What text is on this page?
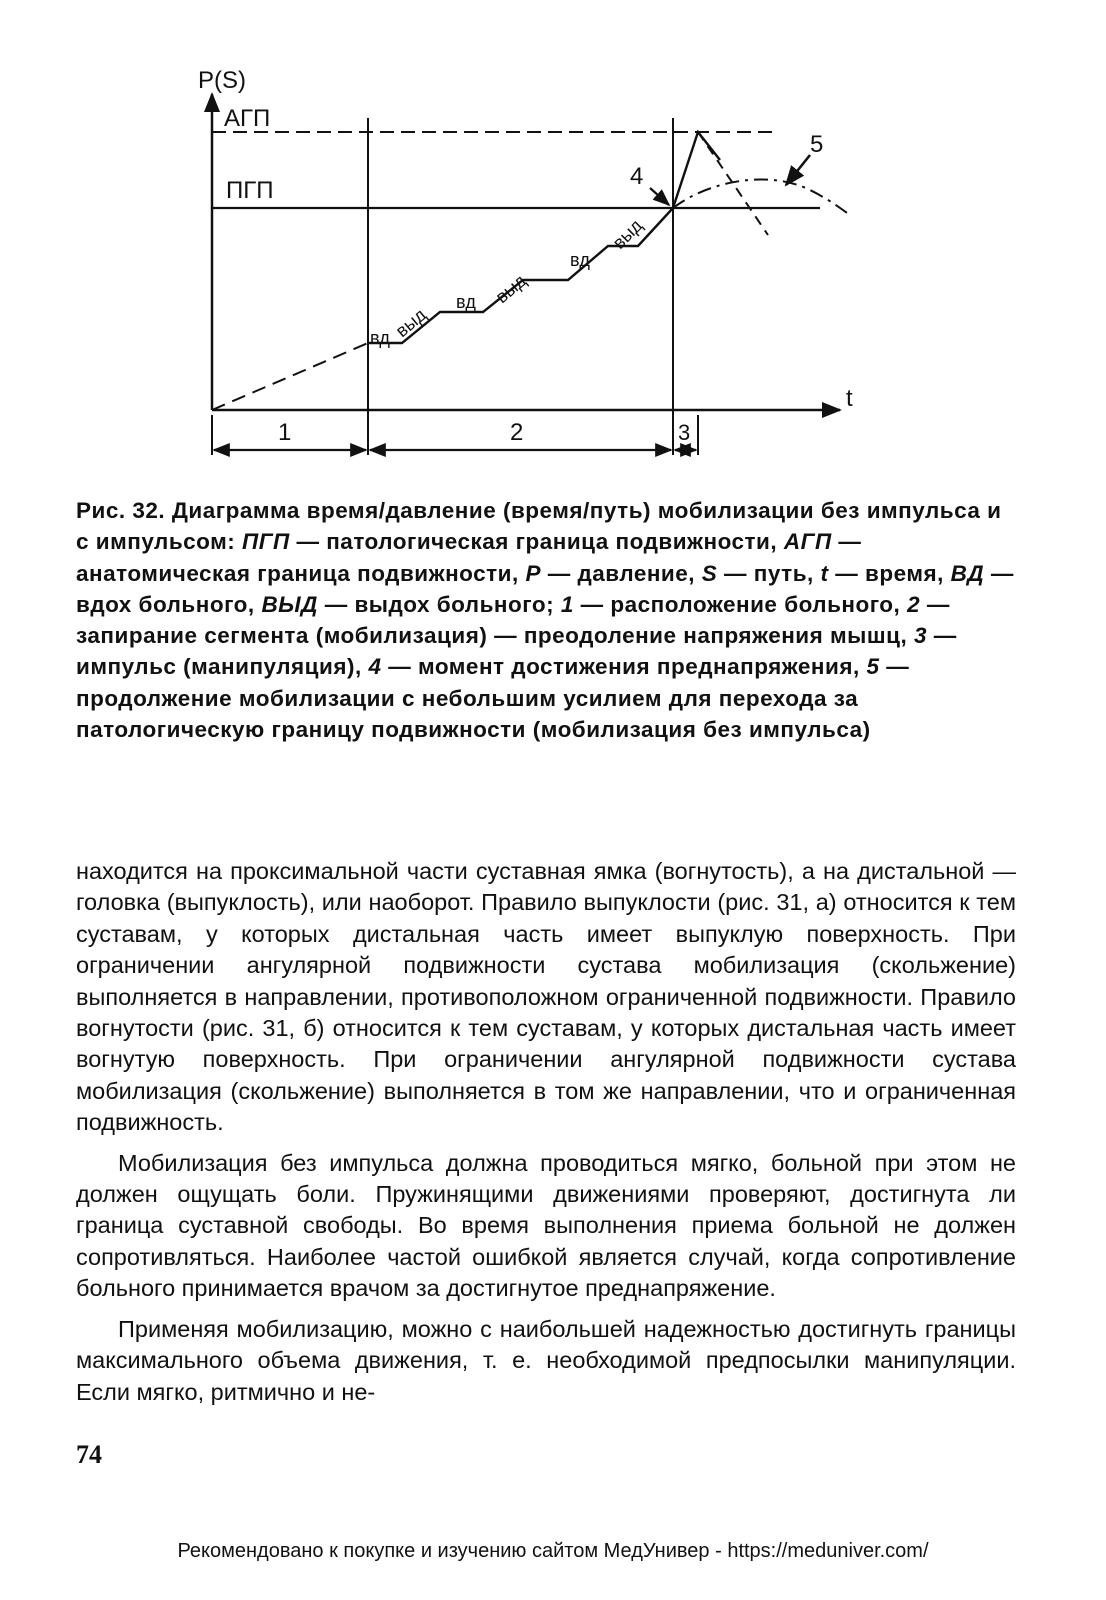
P(S)
t
АГП
ПГП
вд выд
вд выд
вд
выд
4
5
1	2	3

Рис. 32. Диаграмма время/давление (время/путь) мобилизации без импульса и с импульсом: ПГП — патологическая граница подвижности, АГП — анатомическая граница подвижности, Р — давление, S — путь, t — время, ВД — вдох больного, ВЫД — выдох больного; 1 — расположение больного, 2 — запирание сегмента (мобилизация) — преодоление напряжения мышц, 3 — импульс (манипуляция), 4 — момент достижения преднапряжения, 5 — продолжение мобилизации с небольшим усилием для перехода за патологическую границу подвижности (мобилизация без импульса)

находится на проксимальной части суставная ямка (вогнутость), а на дистальной — головка (выпуклость), или наоборот. Правило выпуклости (рис. 31, а) относится к тем суставам, у которых дистальная часть имеет выпуклую поверхность. При ограничении ангулярной подвижности сустава мобилизация (скольжение) выполняется в направлении, противоположном ограниченной подвижности. Правило вогнутости (рис. 31, б) относится к тем суставам, у которых дистальная часть имеет вогнутую поверхность. При ограничении ангулярной подвижности сустава мобилизация (скольжение) выполняется в том же направлении, что и ограниченная подвижность.

Мобилизация без импульса должна проводиться мягко, больной при этом не должен ощущать боли. Пружинящими движениями проверяют, достигнута ли граница суставной свободы. Во время выполнения приема больной не должен сопротивляться. Наиболее частой ошибкой является случай, когда сопротивление больного принимается врачом за достигнутое преднапряжение.

Применяя мобилизацию, можно с наибольшей надежностью достигнуть границы максимального объема движения, т. е. необходимой предпосылки манипуляции. Если мягко, ритмично и не-

74
Рекомендовано к покупке и изучению сайтом МедУнивер - https://meduniver.com/
